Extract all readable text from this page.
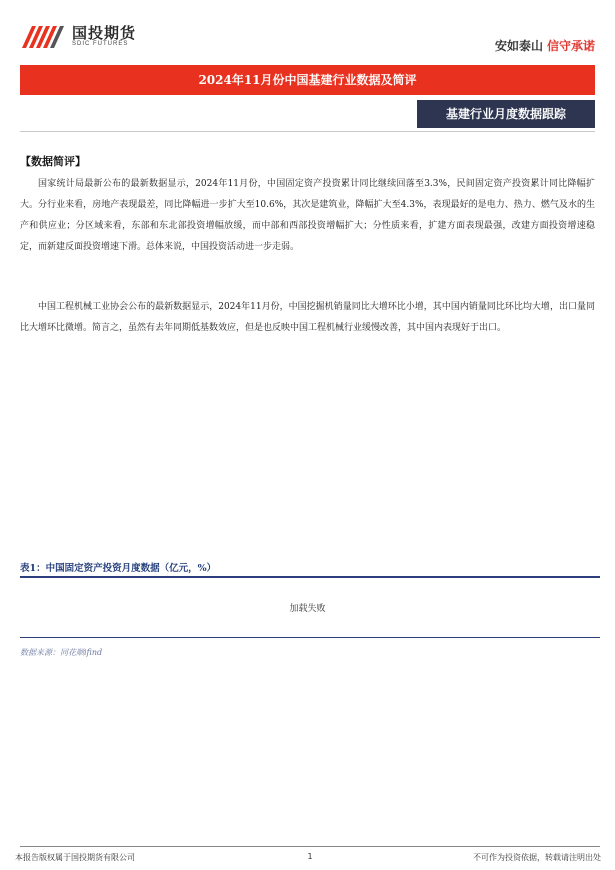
国投期货
SDIC FUTURES	安如泰山 信守承诺
2024年11月份中国基建行业数据及简评
基建行业月度数据跟踪
【数据简评】
国家统计局最新公布的最新数据显示，2024年11月份，中国固定资产投资累计同比继续回落至3.3%，民间固定资产投资累计同比降幅扩大。分行业来看，房地产表现最差，同比降幅进一步扩大至10.6%，其次是建筑业，降幅扩大至4.3%，表现最好的是电力、热力、燃气及水的生产和供应业；分区域来看，东部和东北部投资增幅放缓，而中部和西部投资增幅扩大；分性质来看，扩建方面表现最强，改建方面投资增速稳定，而新建反面投资增速下滑。总体来说，中国投资活动进一步走弱。
中国工程机械工业协会公布的最新数据显示，2024年11月份，中国挖掘机销量同比大增环比小增，其中国内销量同比环比均大增，出口量同比大增环比微增。简言之，虽然有去年同期低基数效应，但是也反映中国工程机械行业缓慢改善，其中国内表现好于出口。
表1：中国固定资产投资月度数据（亿元，%）
加载失败
数据来源：同花顺ifind
本报告版权属于国投期货有限公司	1	不可作为投资依据，转载请注明出处
